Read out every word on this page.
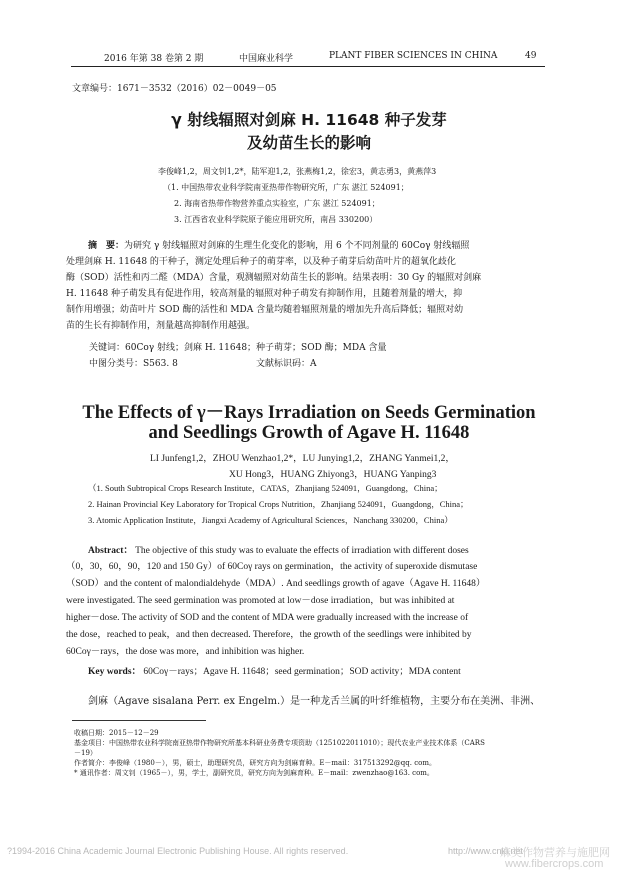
2016 年第 38 卷第 2 期	中国麻业科学	PLANT FIBER SCIENCES IN CHINA	49
文章编号：1671－3532（2016）02－0049－05
γ 射线辐照对剑麻 H. 11648 种子发芽
及幼苗生长的影响
李俊峰1,2，周文钊1,2*，陆军迎1,2，张燕梅1,2，徐宏3，黄志勇3，黄燕萍3
（1. 中国热带农业科学院南亚热带作物研究所，广东 湛江 524091；
2. 海南省热带作物营养重点实验室，广东 湛江 524091；
3. 江西省农业科学院原子能应用研究所，南昌 330200）
摘　要：为研究 γ 射线辐照对剑麻的生理生化变化的影响，用 6 个不同剂量的 60Coγ 射线辐照
处理剑麻 H. 11648 的干种子，测定处理后种子的萌芽率，以及种子萌芽后幼苗叶片的超氧化歧化
酶（SOD）活性和丙二醛（MDA）含量，观测辐照对幼苗生长的影响。结果表明：30 Gy 的辐照对剑麻
H. 11648 种子萌发具有促进作用，较高剂量的辐照对种子萌发有抑制作用，且随着剂量的增大，抑
制作用增强；幼苗叶片 SOD 酶的活性和 MDA 含量均随着辐照剂量的增加先升高后降低；辐照对幼
苗的生长有抑制作用，剂量越高抑制作用越强。
关键词：60Coγ 射线；剑麻 H. 11648；种子萌芽；SOD 酶；MDA 含量
中图分类号：S563. 8	文献标识码：A
The Effects of γ－Rays Irradiation on Seeds Germination
and Seedlings Growth of Agave H. 11648
LI Junfeng1,2，ZHOU Wenzhao1,2*，LU Junying1,2，ZHANG Yanmei1,2，
XU Hong3，HUANG Zhiyong3，HUANG Yanping3
（1. South Subtropical Crops Research Institute，CATAS，Zhanjiang 524091，Guangdong，China；
2. Hainan Provincial Key Laboratory for Tropical Crops Nutrition，Zhanjiang 524091，Guangdong，China；
3. Atomic Application Institute，Jiangxi Academy of Agricultural Sciences，Nanchang 330200，China）
Abstract： The objective of this study was to evaluate the effects of irradiation with different doses
（0，30，60，90，120 and 150 Gy）of 60Coγ rays on germination，the activity of superoxide dismutase
（SOD）and the content of malondialdehyde（MDA）. And seedlings growth of agave（Agave H. 11648）
were investigated. The seed germination was promoted at low－dose irradiation，but was inhibited at
higher－dose. The activity of SOD and the content of MDA were gradually increased with the increase of
the dose，reached to peak，and then decreased. Therefore，the growth of the seedlings were inhibited by
60Coγ－rays，the dose was more，and inhibition was higher.
Key words： 60Coγ－rays；Agave H. 11648；seed germination；SOD activity；MDA content
剑麻（Agave sisalana Perr. ex Engelm.）是一种龙舌兰属的叶纤维植物，主要分布在美洲、非洲、
收稿日期：2015－12－29
基金项目：中国热带农业科学院南亚热带作物研究所基本科研业务费专项资助（1251022011010）；现代农业产业技术体系（CARS
－19）
作者简介：李俊峰（1980－），男，硕士，助理研究员，研究方向为剑麻育种。E－mail：317513292@qq. com。
* 通讯作者：周文钊（1965－），男，学士，副研究员，研究方向为剑麻育种。E－mail：zwenzhao@163. com。
?1994-2016 China Academic Journal Electronic Publishing House. All rights reserved.	http://www.cnki.net
麻类作物营养与施肥网
www.fibercrops.com
